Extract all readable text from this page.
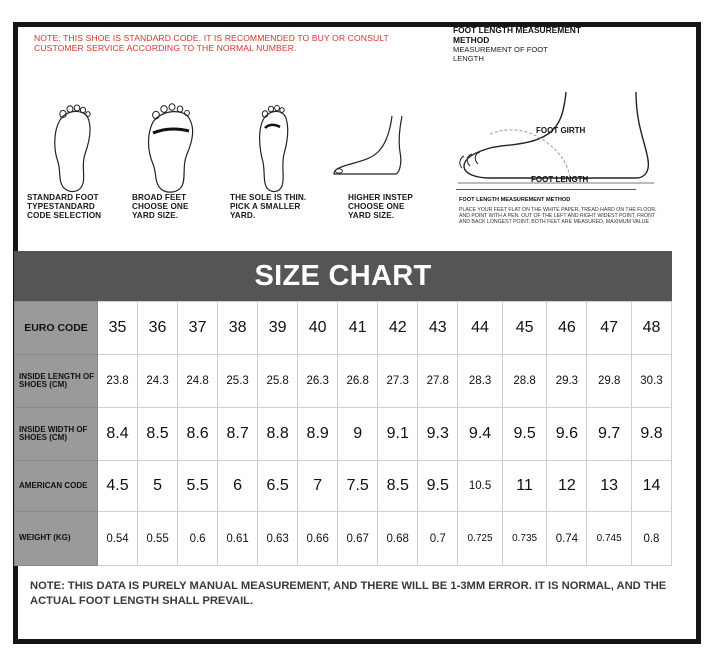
NOTE: THIS SHOE IS STANDARD CODE. IT IS RECOMMENDED TO BUY OR CONSULT CUSTOMER SERVICE ACCORDING TO THE NORMAL NUMBER.
STANDARD FOOT TYPESTANDARD CODE SELECTION
BROAD FEET CHOOSE ONE YARD SIZE.
THE SOLE IS THIN. PICK A SMALLER YARD.
HIGHER INSTEP CHOOSE ONE YARD SIZE.
FOOT LENGTH MEASUREMENT METHOD
MEASUREMENT OF FOOT LENGTH
FOOT GIRTH
FOOT LENGTH
FOOT LENGTH MEASUREMENT METHOD
PLACE YOUR FEET FLAT ON THE WHITE PAPER, TREAD HARD ON THE FLOOR, AND POINT WITH A PEN. OUT OF THE LEFT AND RIGHT WIDEST POINT, FRONT AND BACK LONGEST POINT, BOTH FEET ARE MEASURED, MAXIMUM VALUE
SIZE CHART
EURO CODE	35	36	37	38	39	40	41	42	43	44	45	46	47	48
INSIDE LENGTH OF SHOES (CM)	23.8	24.3	24.8	25.3	25.8	26.3	26.8	27.3	27.8	28.3	28.8	29.3	29.8	30.3
INSIDE WIDTH OF SHOES (CM)	8.4	8.5	8.6	8.7	8.8	8.9	9	9.1	9.3	9.4	9.5	9.6	9.7	9.8
AMERICAN CODE	4.5	5	5.5	6	6.5	7	7.5	8.5	9.5	10.5	11	12	13	14
WEIGHT (KG)	0.54	0.55	0.6	0.61	0.63	0.66	0.67	0.68	0.7	0.725	0.735	0.74	0.745	0.8
NOTE: THIS DATA IS PURELY MANUAL MEASUREMENT, AND THERE WILL BE 1-3MM ERROR. IT IS NORMAL, AND THE ACTUAL FOOT LENGTH SHALL PREVAIL.
